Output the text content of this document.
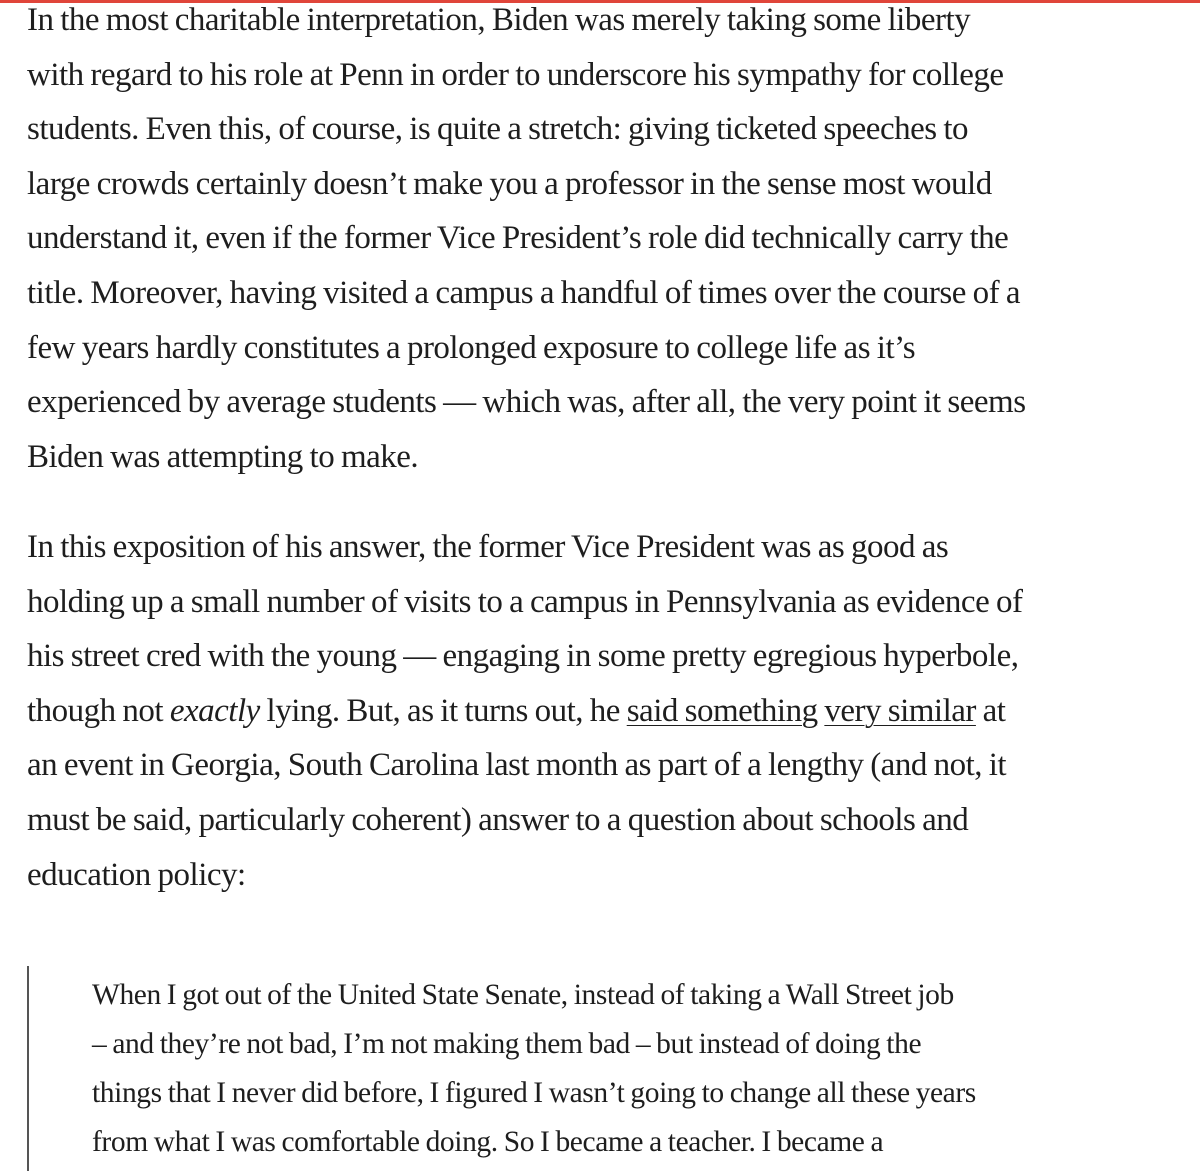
In the most charitable interpretation, Biden was merely taking some liberty
with regard to his role at Penn in order to underscore his sympathy for college
students. Even this, of course, is quite a stretch: giving ticketed speeches to
large crowds certainly doesn’t make you a professor in the sense most would
understand it, even if the former Vice President’s role did technically carry the
title. Moreover, having visited a campus a handful of times over the course of a
few years hardly constitutes a prolonged exposure to college life as it’s
experienced by average students — which was, after all, the very point it seems
Biden was attempting to make.

In this exposition of his answer, the former Vice President was as good as
holding up a small number of visits to a campus in Pennsylvania as evidence of
his street cred with the young — engaging in some pretty egregious hyperbole,
though not exactly lying. But, as it turns out, he said something very similar at
an event in Georgia, South Carolina last month as part of a lengthy (and not, it
must be said, particularly coherent) answer to a question about schools and
education policy:

When I got out of the United State Senate, instead of taking a Wall Street job
– and they’re not bad, I’m not making them bad – but instead of doing the
things that I never did before, I figured I wasn’t going to change all these years
from what I was comfortable doing. So I became a teacher. I became a
